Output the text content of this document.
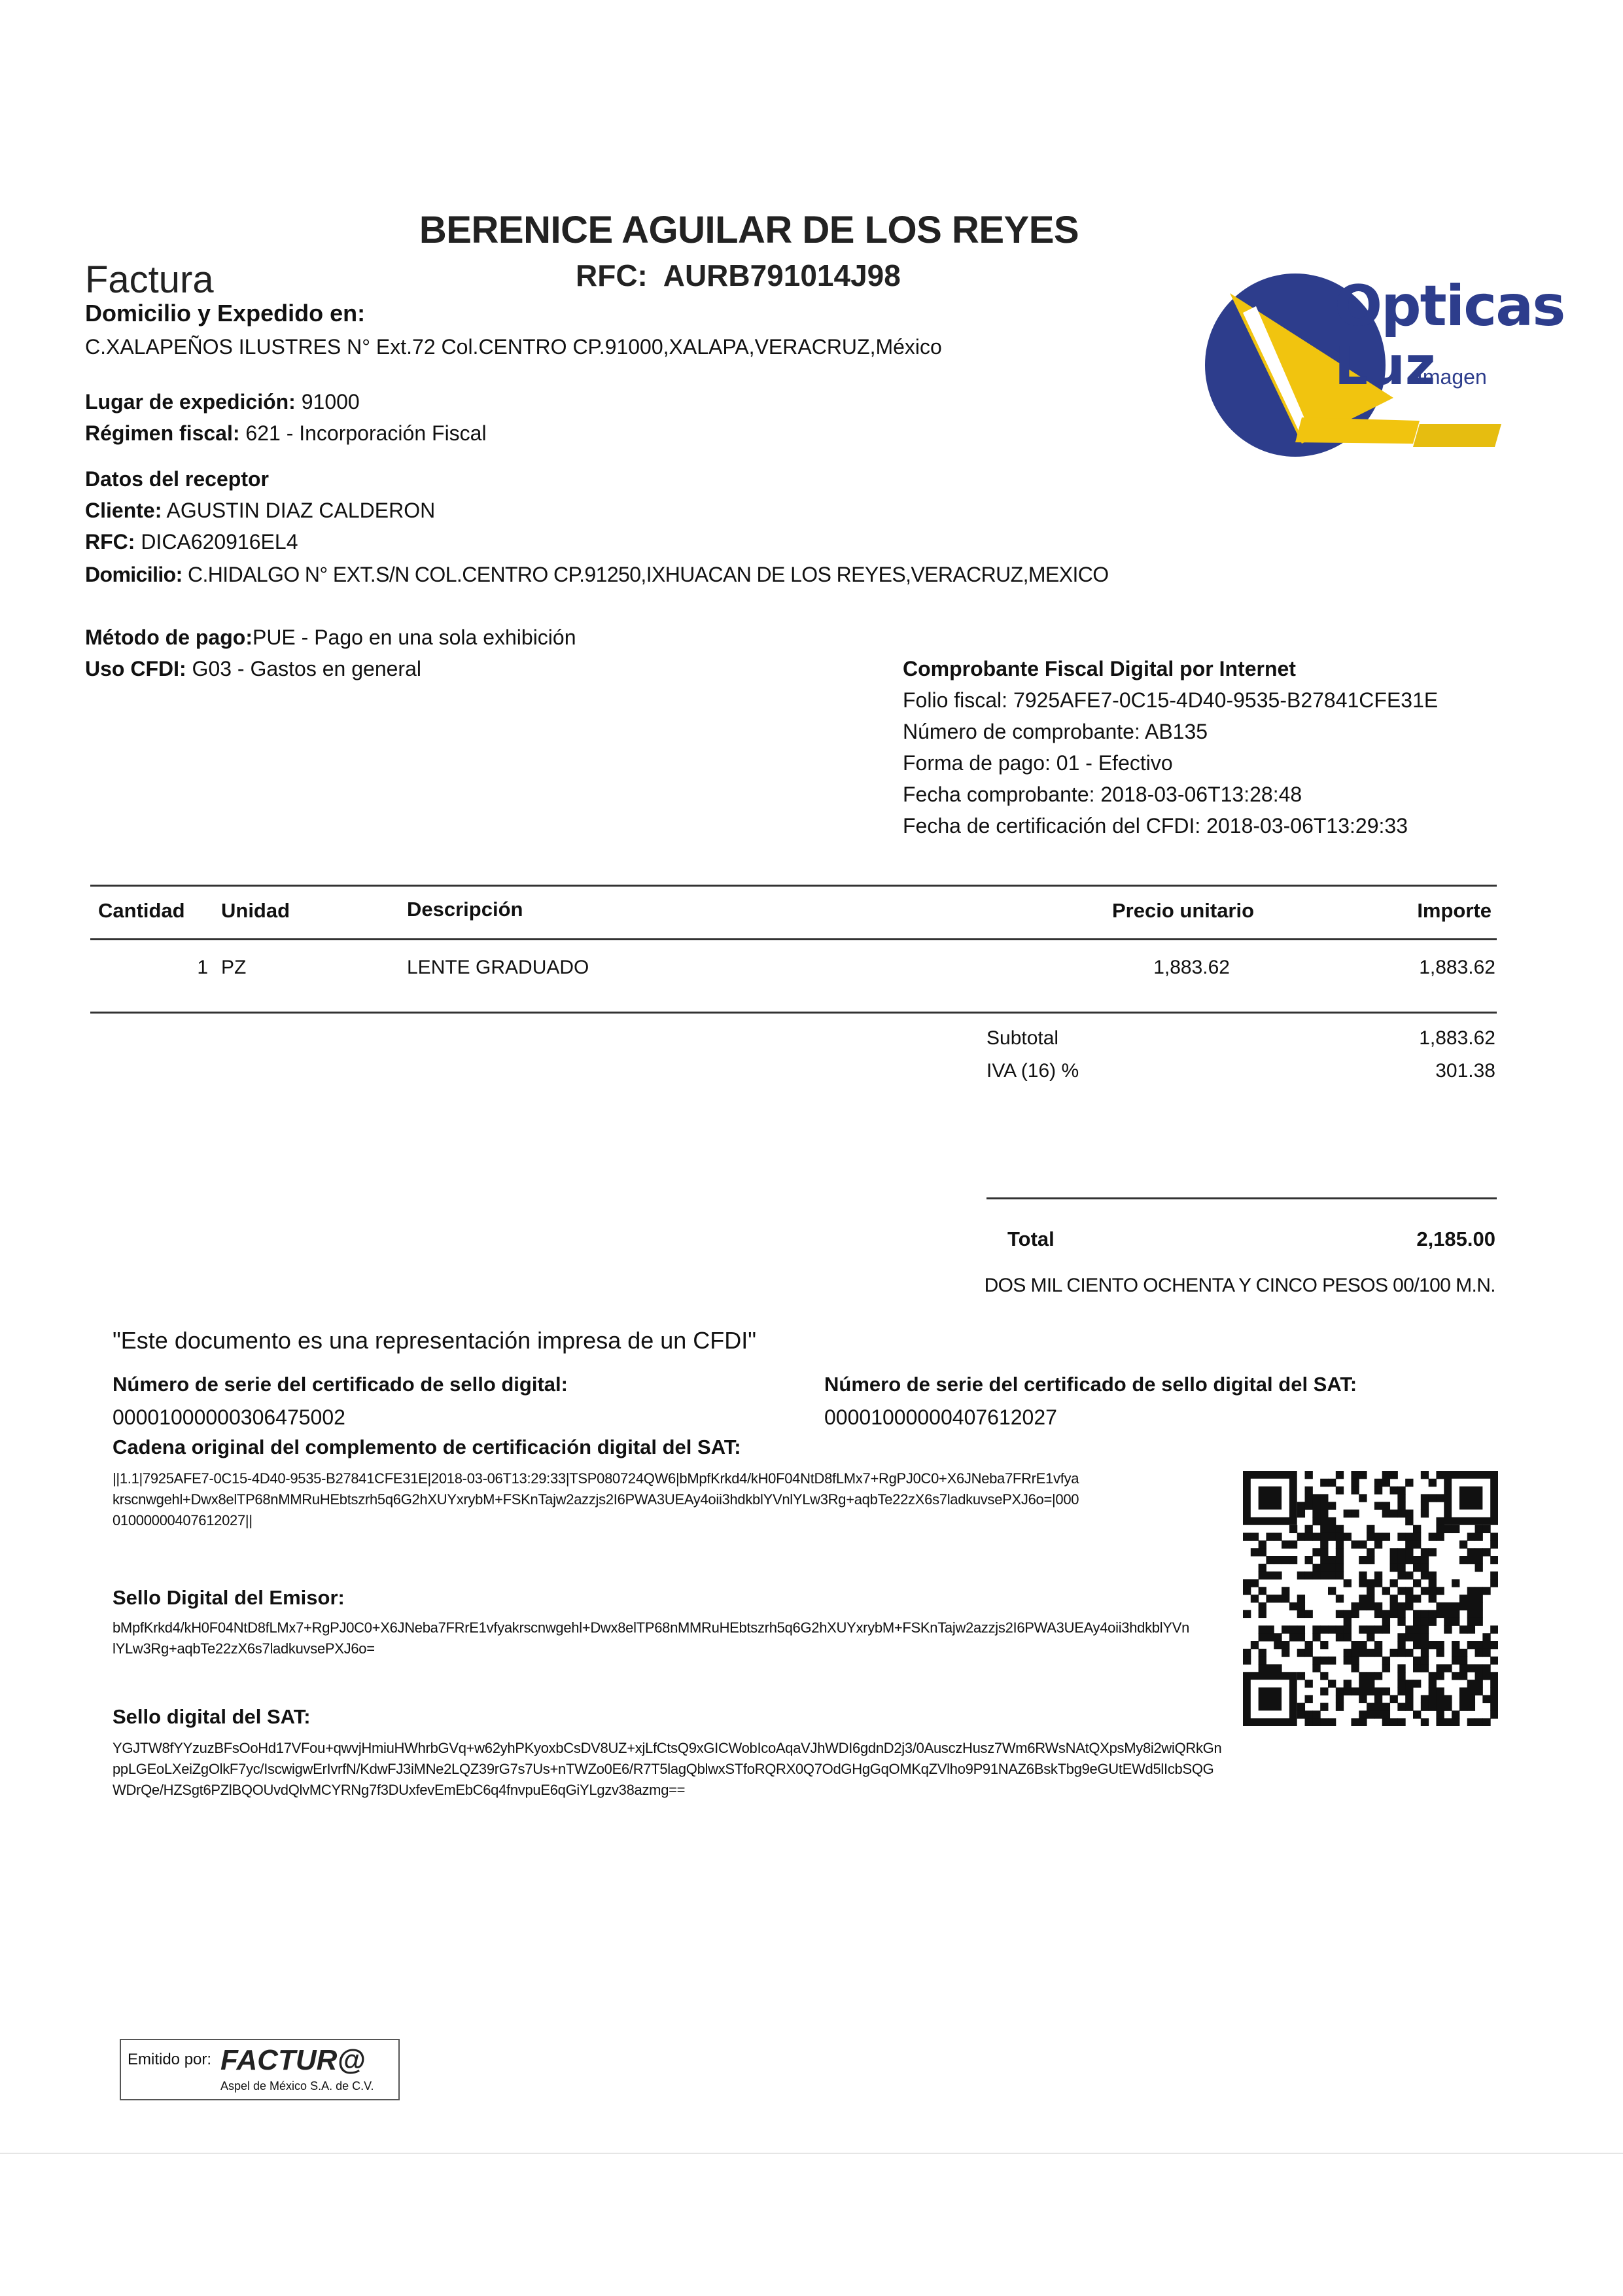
BERENICE AGUILAR DE LOS REYES
RFC: AURB791014J98
Factura
Domicilio y Expedido en:
C.XALAPEÑOS ILUSTRES N° Ext.72 Col.CENTRO CP.91000,XALAPA,VERACRUZ,México
Lugar de expedición: 91000
Régimen fiscal: 621 - Incorporación Fiscal
Datos del receptor
Cliente: AGUSTIN DIAZ CALDERON
RFC: DICA620916EL4
Domicilio: C.HIDALGO N° EXT.S/N COL.CENTRO CP.91250,IXHUACAN DE LOS REYES,VERACRUZ,MEXICO
Método de pago:PUE - Pago en una sola exhibición
Uso CFDI: G03 - Gastos en general	Comprobante Fiscal Digital por Internet
Folio fiscal: 7925AFE7-0C15-4D40-9535-B27841CFE31E
Número de comprobante: AB135
Forma de pago: 01 - Efectivo
Fecha comprobante: 2018-03-06T13:28:48
Fecha de certificación del CFDI: 2018-03-06T13:29:33
Opticas
Luz
Imagen
Cantidad Unidad	Descripción	Precio unitario	Importe
1 PZ	LENTE GRADUADO	1,883.62	1,883.62
Subtotal	1,883.62
IVA (16) %	301.38
Total	2,185.00
DOS MIL CIENTO OCHENTA Y CINCO PESOS 00/100 M.N.
"Este documento es una representación impresa de un CFDI"
Número de serie del certificado de sello digital:
00001000000306475002
Número de serie del certificado de sello digital del SAT:
00001000000407612027
Cadena original del complemento de certificación digital del SAT:
||1.1|7925AFE7-0C15-4D40-9535-B27841CFE31E|2018-03-06T13:29:33|TSP080724QW6|bMpfKrkd4/kH0F04NtD8fLMx7+RgPJ0C0+X6JNeba7FRrE1vfyakrscnwgehl+Dwx8elTP68nMMRuHEbtszrh5q6G2hXUYxrybM+FSKnTajw2azzjs2I6PWA3UEAy4oii3hdkblYVnlYLw3Rg+aqbTe22zX6s7ladkuvsePXJ6o=|00001000000407612027||
Sello Digital del Emisor:
bMpfKrkd4/kH0F04NtD8fLMx7+RgPJ0C0+X6JNeba7FRrE1vfyakrscnwgehl+Dwx8elTP68nMMRuHEbtszrh5q6G2hXUYxrybM+FSKnTajw2azzjs2I6PWA3UEAy4oii3hdkblYVnlYLw3Rg+aqbTe22zX6s7ladkuvsePXJ6o=
Sello digital del SAT:
YGJTW8fYYzuzBFsOoHd17VFou+qwvjHmiuHWhrbGVq+w62yhPKyoxbCsDV8UZ+xjLfCtsQ9xGICWobIcoAqaVJhWDI6gdnD2j3/0AusczHusz7Wm6RWsNAtQXpsMy8i2wiQRkGnppLGEoLXeiZgOlkF7yc/IscwigwErIvrfN/KdwFJ3iMNe2LQZ39rG7s7Us+nTWZo0E6/R7T5lagQblwxSTfoRQRX0Q7OdGHgGqOMKqZVlho9P91NAZ6BskTbg9eGUtEWd5lIcbSQGWDrQe/HZSgt6PZlBQOUvdQlvMCYRNg7f3DUxfevEmEbC6q4fnvpuE6qGiYLgzv38azmg==
Emitido por: FACTUR@
Aspel de México S.A. de C.V.
